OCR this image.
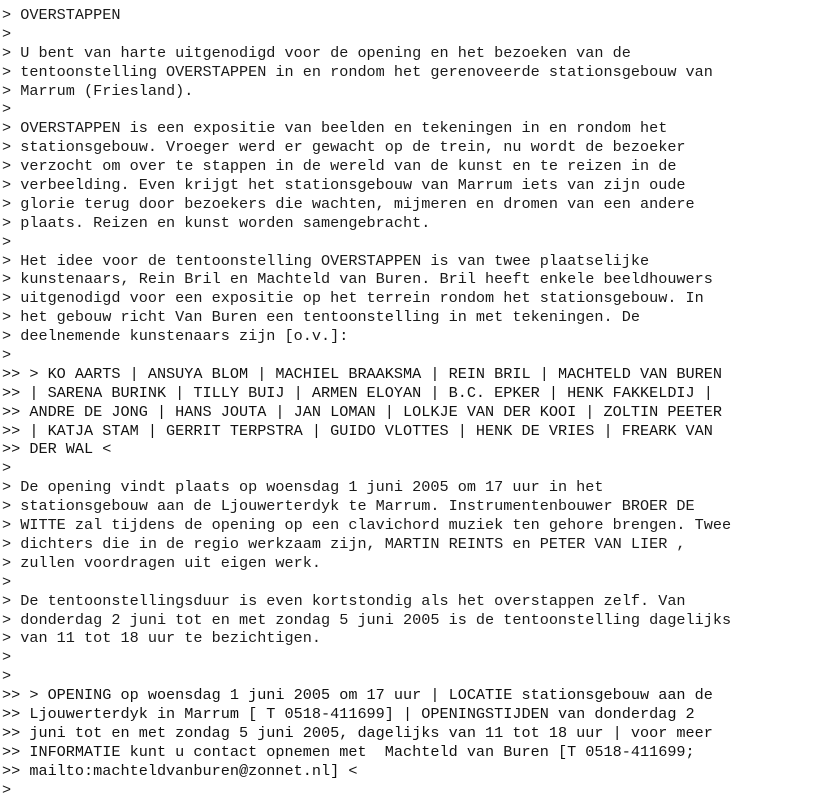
> OVERSTAPPEN
>
> U bent van harte uitgenodigd voor de opening en het bezoeken van de
> tentoonstelling OVERSTAPPEN in en rondom het gerenoveerde stationsgebouw van
> Marrum (Friesland).
>
> OVERSTAPPEN is een expositie van beelden en tekeningen in en rondom het
> stationsgebouw. Vroeger werd er gewacht op de trein, nu wordt de bezoeker
> verzocht om over te stappen in de wereld van de kunst en te reizen in de
> verbeelding. Even krijgt het stationsgebouw van Marrum iets van zijn oude
> glorie terug door bezoekers die wachten, mijmeren en dromen van een andere
> plaats. Reizen en kunst worden samengebracht.
>
> Het idee voor de tentoonstelling OVERSTAPPEN is van twee plaatselijke
> kunstenaars, Rein Bril en Machteld van Buren. Bril heeft enkele beeldhouwers
> uitgenodigd voor een expositie op het terrein rondom het stationsgebouw. In
> het gebouw richt Van Buren een tentoonstelling in met tekeningen. De
> deelnemende kunstenaars zijn [o.v.]:
>
>> > KO AARTS | ANSUYA BLOM | MACHIEL BRAAKSMA | REIN BRIL | MACHTELD VAN BUREN
>> | SARENA BURINK | TILLY BUIJ | ARMEN ELOYAN | B.C. EPKER | HENK FAKKELDIJ |
>> ANDRE DE JONG | HANS JOUTA | JAN LOMAN | LOLKJE VAN DER KOOI | ZOLTIN PEETER
>> | KATJA STAM | GERRIT TERPSTRA | GUIDO VLOTTES | HENK DE VRIES | FREARK VAN
>> DER WAL <
>
> De opening vindt plaats op woensdag 1 juni 2005 om 17 uur in het
> stationsgebouw aan de Ljouwerterdyk te Marrum. Instrumentenbouwer BROER DE
> WITTE zal tijdens de opening op een clavichord muziek ten gehore brengen. Twee
> dichters die in de regio werkzaam zijn, MARTIN REINTS en PETER VAN LIER ,
> zullen voordragen uit eigen werk.
>
> De tentoonstellingsduur is even kortstondig als het overstappen zelf. Van
> donderdag 2 juni tot en met zondag 5 juni 2005 is de tentoonstelling dagelijks
> van 11 tot 18 uur te bezichtigen.
>
>
>> > OPENING op woensdag 1 juni 2005 om 17 uur | LOCATIE stationsgebouw aan de
>> Ljouwerterdyk in Marrum [ T 0518-411699] | OPENINGSTIJDEN van donderdag 2
>> juni tot en met zondag 5 juni 2005, dagelijks van 11 tot 18 uur | voor meer
>> INFORMATIE kunt u contact opnemen met  Machteld van Buren [T 0518-411699;
>> mailto:machteldvanburen@zonnet.nl] <
>
